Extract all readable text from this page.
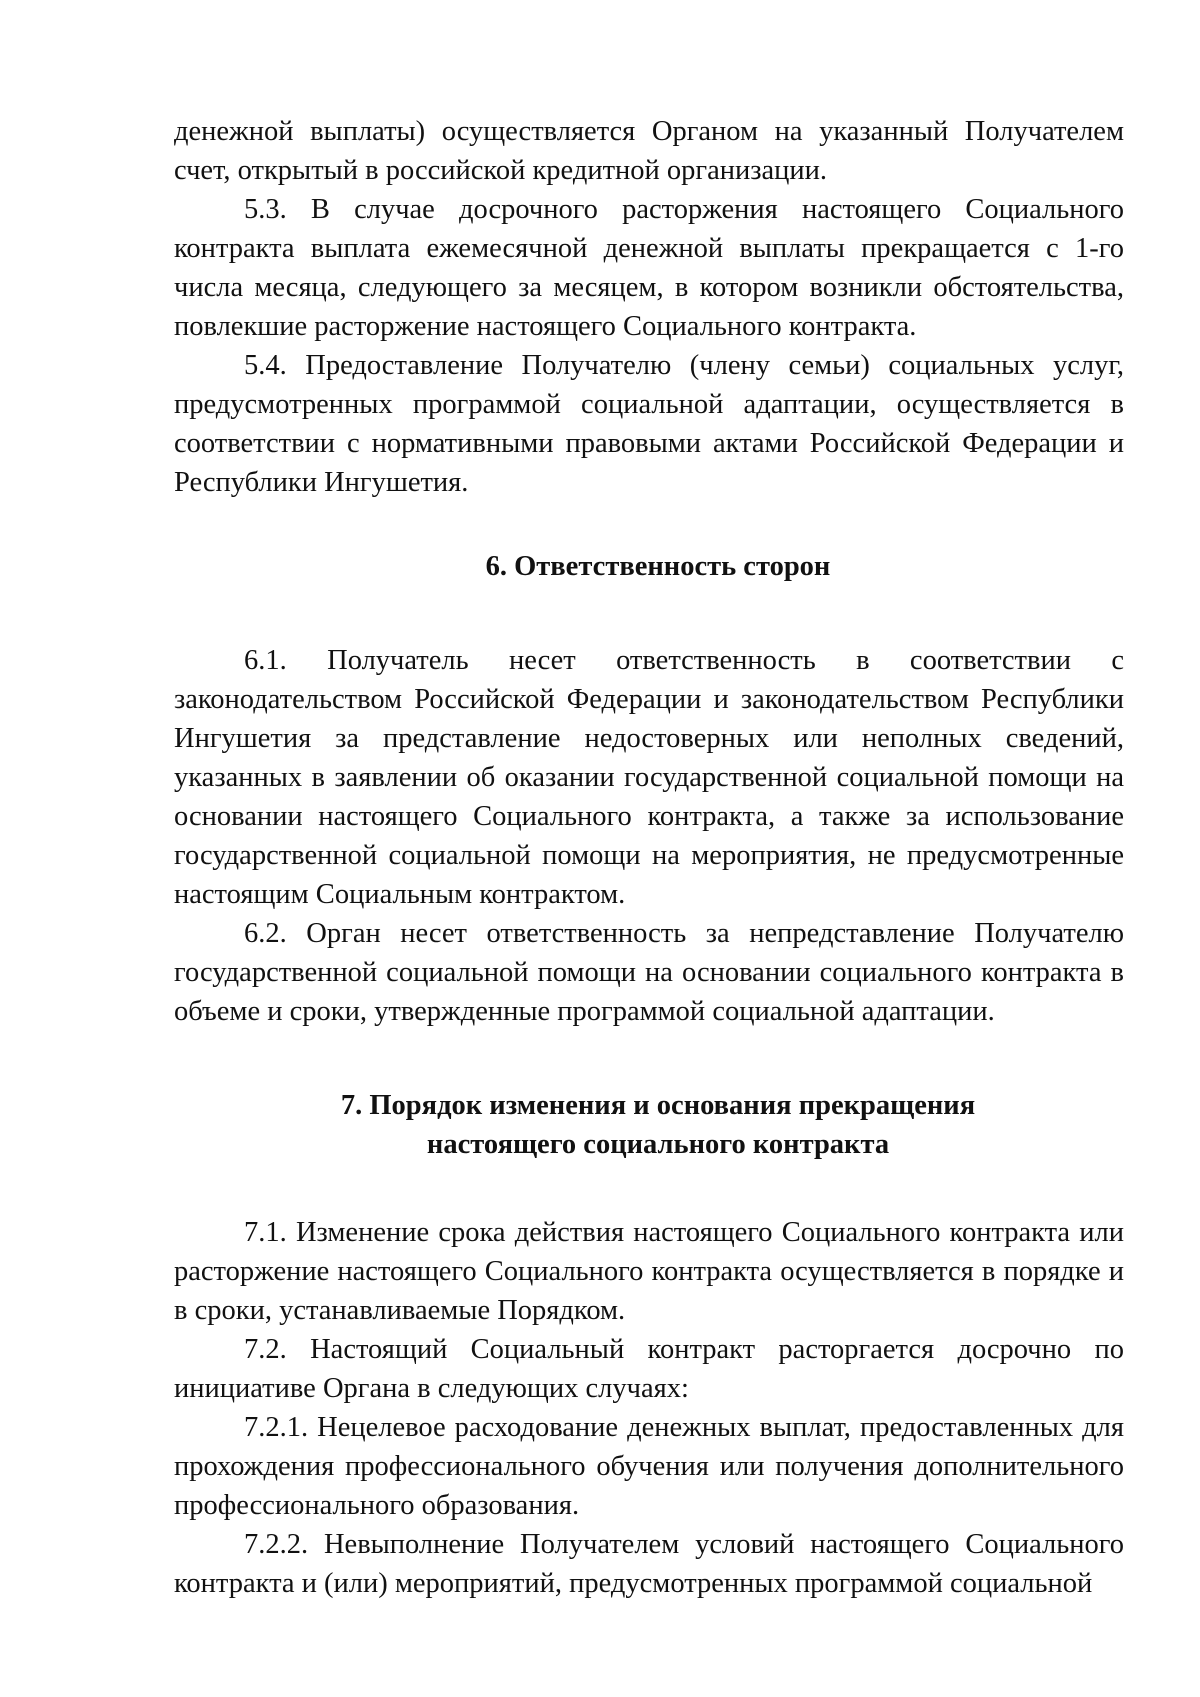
денежной выплаты) осуществляется Органом на указанный Получателем счет, открытый в российской кредитной организации.

5.3. В случае досрочного расторжения настоящего Социального контракта выплата ежемесячной денежной выплаты прекращается с 1-го числа месяца, следующего за месяцем, в котором возникли обстоятельства, повлекшие расторжение настоящего Социального контракта.

5.4. Предоставление Получателю (члену семьи) социальных услуг, предусмотренных программой социальной адаптации, осуществляется в соответствии с нормативными правовыми актами Российской Федерации и Республики Ингушетия.

6. Ответственность сторон

6.1. Получатель несет ответственность в соответствии с законодательством Российской Федерации и законодательством Республики Ингушетия за представление недостоверных или неполных сведений, указанных в заявлении об оказании государственной социальной помощи на основании настоящего Социального контракта, а также за использование государственной социальной помощи на мероприятия, не предусмотренные настоящим Социальным контрактом.

6.2. Орган несет ответственность за непредставление Получателю государственной социальной помощи на основании социального контракта в объеме и сроки, утвержденные программой социальной адаптации.

7. Порядок изменения и основания прекращения

настоящего социального контракта

7.1. Изменение срока действия настоящего Социального контракта или расторжение настоящего Социального контракта осуществляется в порядке и в сроки, устанавливаемые Порядком.

7.2. Настоящий Социальный контракт расторгается досрочно по инициативе Органа в следующих случаях:

7.2.1. Нецелевое расходование денежных выплат, предоставленных для прохождения профессионального обучения или получения дополнительного профессионального образования.

7.2.2. Невыполнение Получателем условий настоящего Социального контракта и (или) мероприятий, предусмотренных программой социальной
